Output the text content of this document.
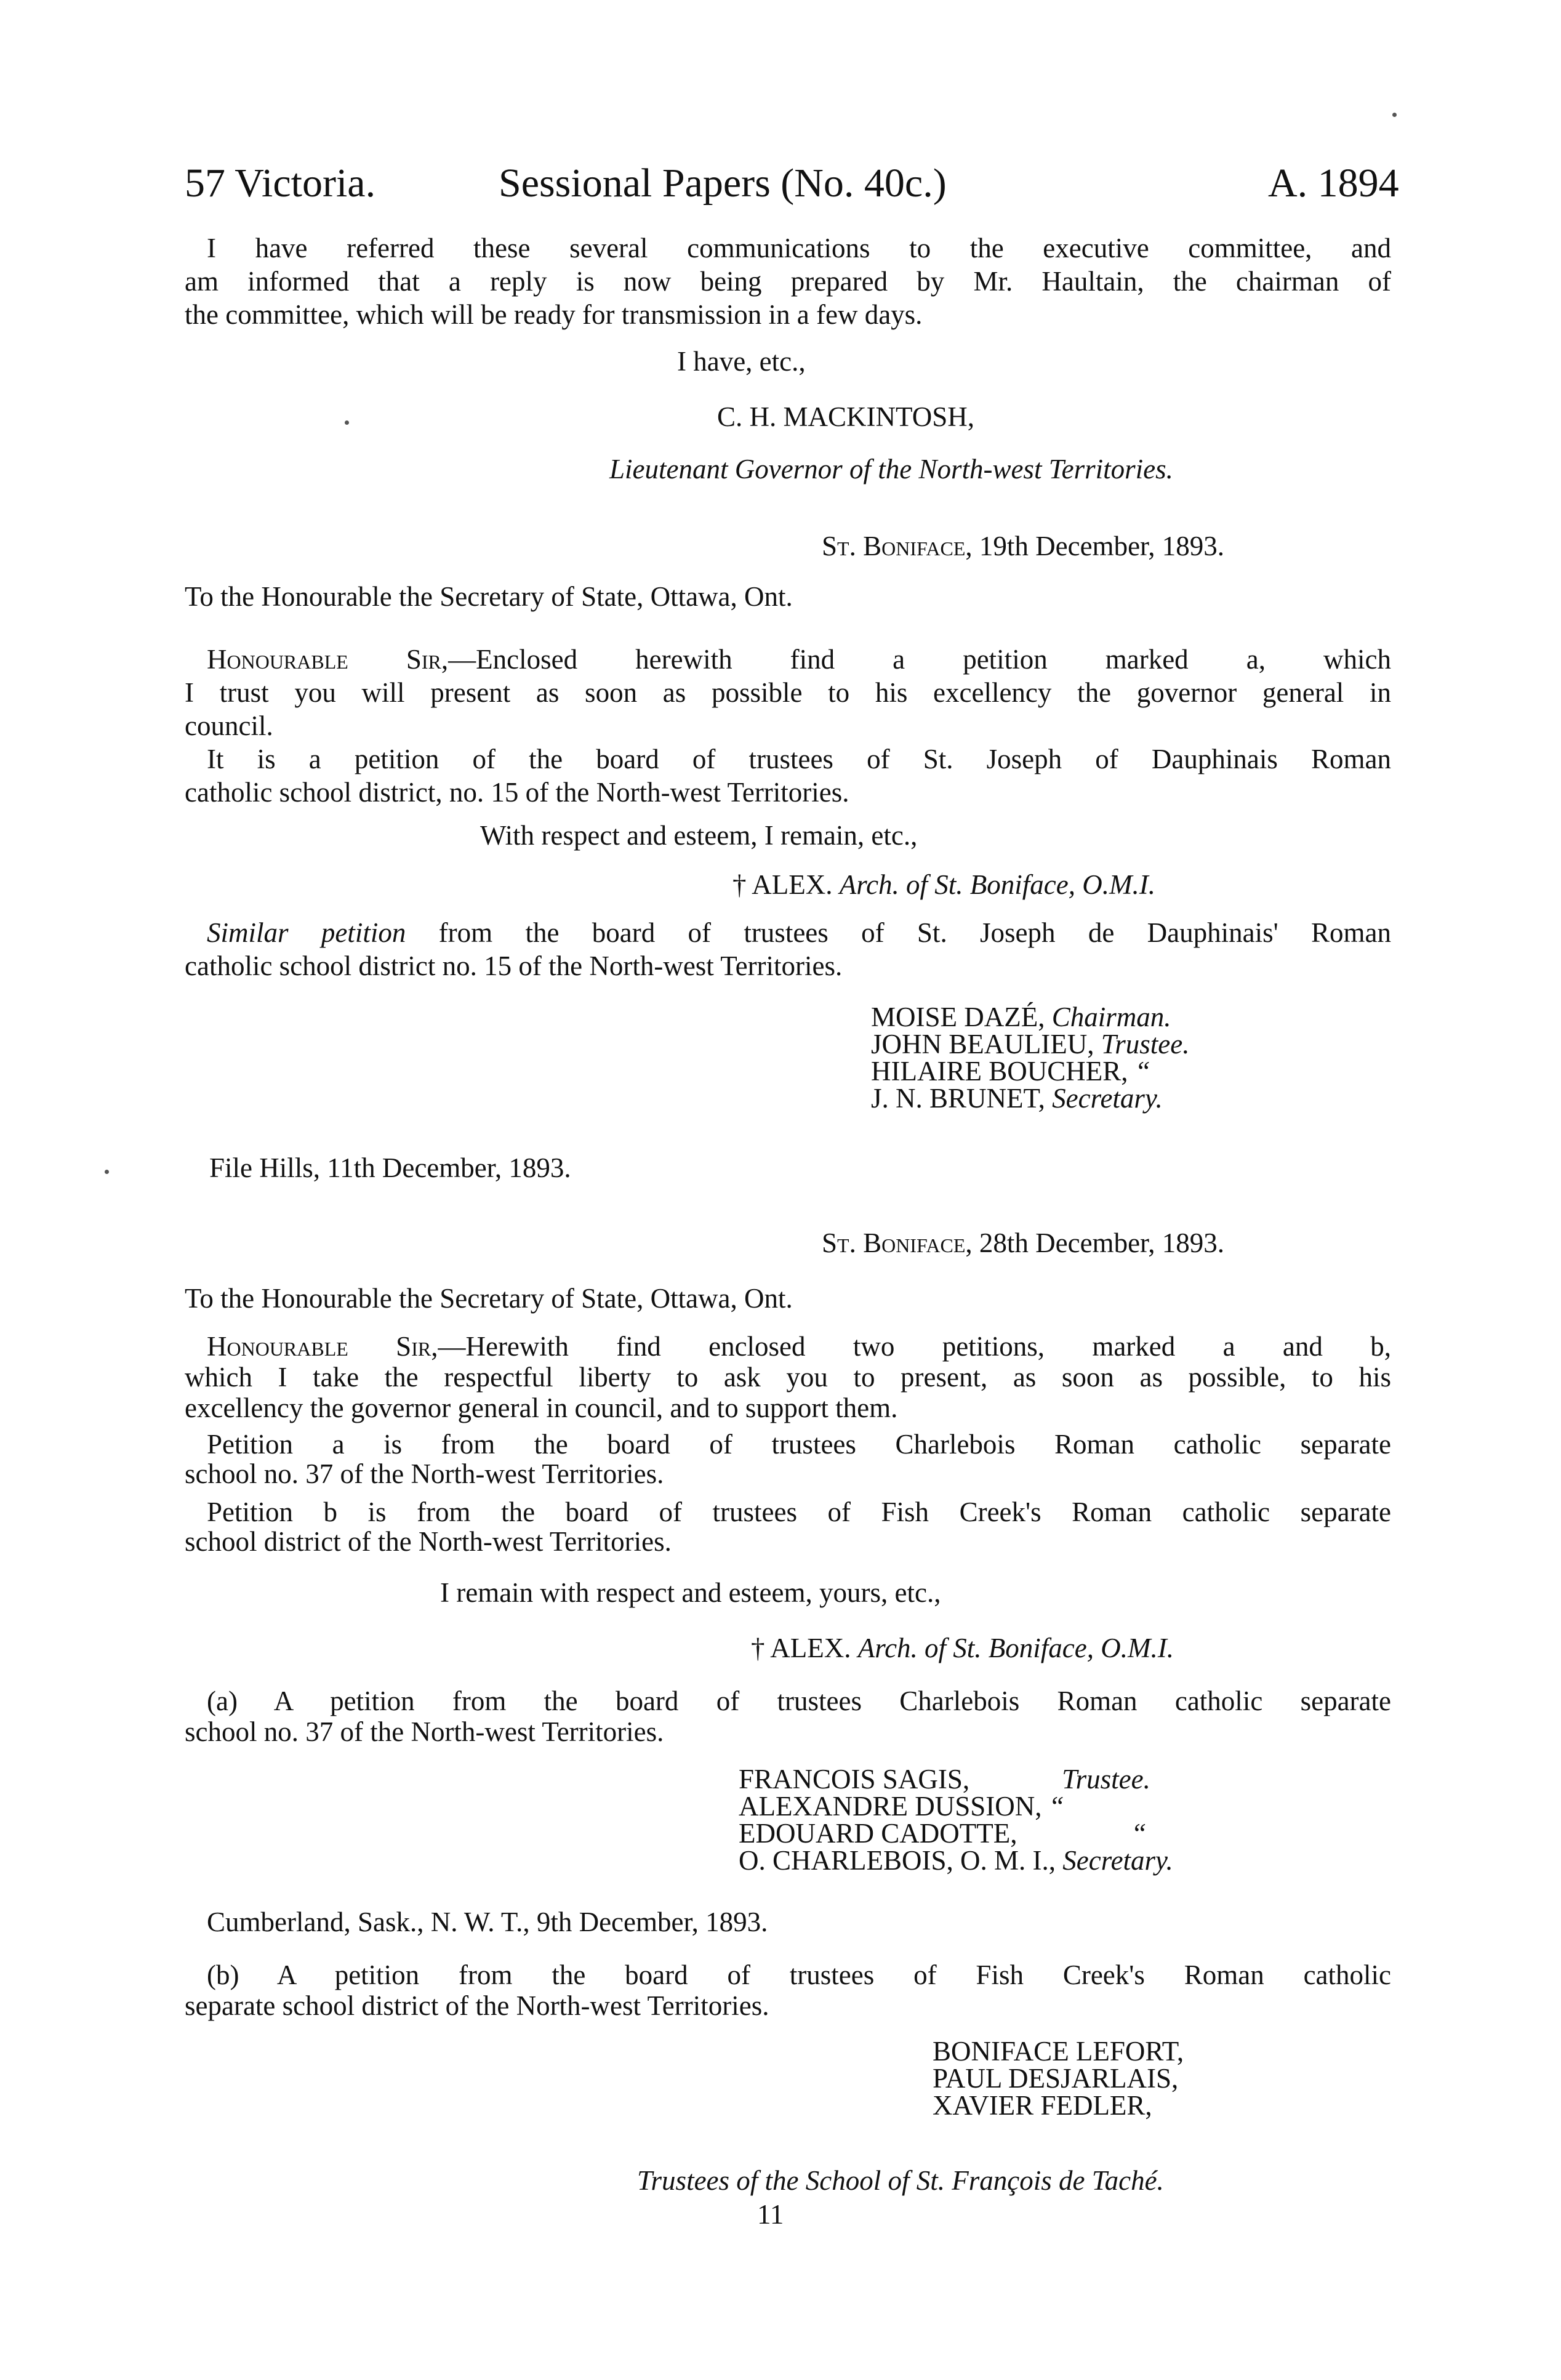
57 Victoria.	Sessional Papers (No. 40c.)	A. 1894
I have referred these several communications to the executive committee, and
am informed that a reply is now being prepared by Mr. Haultain, the chairman of
the committee, which will be ready for transmission in a few days.
I have, etc.,
C. H. MACKINTOSH,
Lieutenant Governor of the North-west Territories.
St. Boniface, 19th December, 1893.
To the Honourable the Secretary of State, Ottawa, Ont.
Honourable Sir,—Enclosed herewith find a petition marked a, which
I trust you will present as soon as possible to his excellency the governor general in
council.
It is a petition of the board of trustees of St. Joseph of Dauphinais Roman
catholic school district, no. 15 of the North-west Territories.
With respect and esteem, I remain, etc.,
† ALEX. Arch. of St. Boniface, O.M.I.
Similar petition from the board of trustees of St. Joseph de Dauphinais' Roman
catholic school district no. 15 of the North-west Territories.
MOISE DAZÉ, Chairman.
JOHN BEAULIEU, Trustee.
HILAIRE BOUCHER, “
J. N. BRUNET, Secretary.
File Hills, 11th December, 1893.
St. Boniface, 28th December, 1893.
To the Honourable the Secretary of State, Ottawa, Ont.
Honourable Sir,—Herewith find enclosed two petitions, marked a and b,
which I take the respectful liberty to ask you to present, as soon as possible, to his
excellency the governor general in council, and to support them.
Petition a is from the board of trustees Charlebois Roman catholic separate
school no. 37 of the North-west Territories.
Petition b is from the board of trustees of Fish Creek's Roman catholic separate
school district of the North-west Territories.
I remain with respect and esteem, yours, etc.,
† ALEX. Arch. of St. Boniface, O.M.I.
(a) A petition from the board of trustees Charlebois Roman catholic separate
school no. 37 of the North-west Territories.
FRANCOIS SAGIS,	Trustee.
ALEXANDRE DUSSION, “
EDOUARD CADOTTE,	“
O. CHARLEBOIS, O. M. I., Secretary.
Cumberland, Sask., N. W. T., 9th December, 1893.
(b) A petition from the board of trustees of Fish Creek's Roman catholic
separate school district of the North-west Territories.
BONIFACE LEFORT,
PAUL DESJARLAIS,
XAVIER FEDLER,
Trustees of the School of St. François de Taché.
11
